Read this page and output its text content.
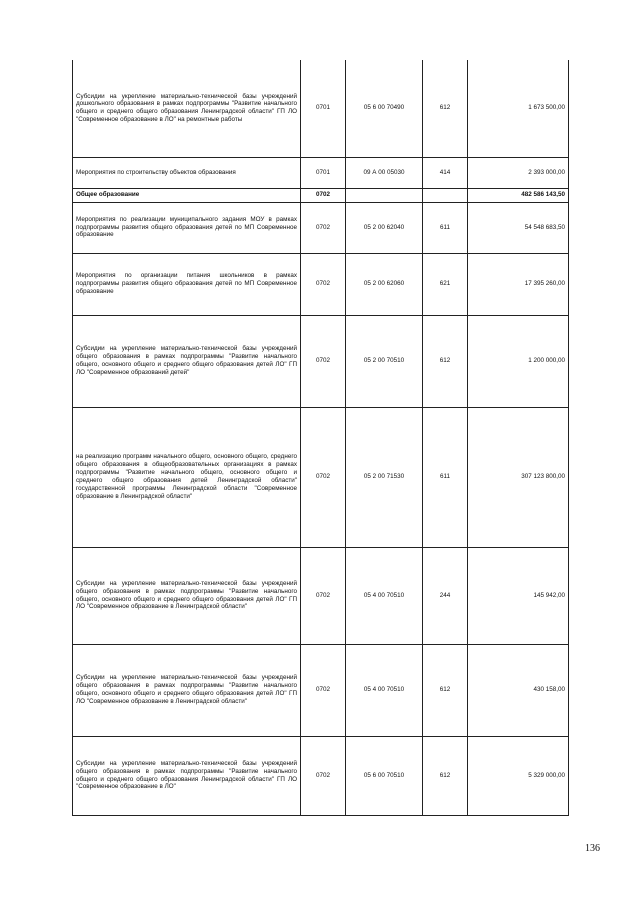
Субсидии на укрепление материально-технической базы учреждений дошкольного образования в рамках подпрограммы "Развитие начального общего и среднего общего образования Ленинградской области" ГП ЛО "Современное образование в ЛО" на ремонтные работы	0701	05 6 00 70490	612	1 673 500,00
Мероприятия по строительству объектов образования	0701	09 А 00 05030	414	2 393 000,00
Общее образование	0702			482 586 143,50
Мероприятия по реализации муниципального задания МОУ в рамках подпрограммы развития общего образования детей по МП Современное образование	0702	05 2 00 62040	611	54 548 683,50
Мероприятия по организации питания школьников в рамках подпрограммы развития общего образования детей по МП Современное образование	0702	05 2 00 62060	621	17 395 260,00
Субсидии на укрепление материально-технической базы учреждений общего образования в рамках подпрограммы "Развитие начального общего, основного общего и среднего общего образования детей ЛО" ГП ЛО "Современное образований детей"	0702	05 2 00 70510	612	1 200 000,00
на реализацию программ начального общего, основного общего, среднего общего образования в общеобразовательных организациях в рамках подпрограммы "Развитие начального общего, основного общего и среднего общего образования детей Ленинградской области" государственной программы Ленинградской области "Современное образование в Ленинградской области"	0702	05 2 00 71530	611	307 123 800,00
Субсидии на укрепление материально-технической базы учреждений общего образования в рамках подпрограммы "Развитие начального общего, основного общего и среднего общего образования детей ЛО" ГП ЛО "Современное образование в Ленинградской области"	0702	05 4 00 70510	244	145 942,00
Субсидии на укрепление материально-технической базы учреждений общего образования в рамках подпрограммы "Развитие начального общего, основного общего и среднего общего образования детей ЛО" ГП ЛО "Современное образование в Ленинградской области"	0702	05 4 00 70510	612	430 158,00
Субсидии на укрепление материально-технической базы учреждений общего образования в рамках подпрограммы "Развитие начального общего и среднего общего образования Ленинградской области" ГП ЛО "Современное образование в ЛО"	0702	05 6 00 70510	612	5 329 000,00
136
